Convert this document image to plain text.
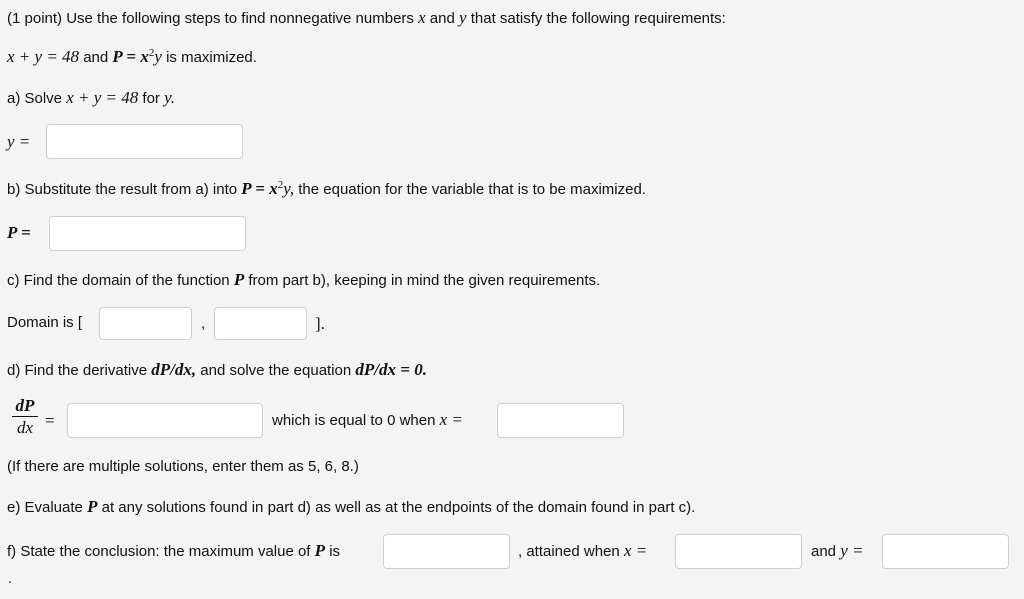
(1 point) Use the following steps to find nonnegative numbers x and y that satisfy the following requirements:
x + y = 48 and $P = x^2y$ is maximized.
a) Solve x + y = 48 for y.
y =
b) Substitute the result from a) into $P = x^2y$, the equation for the variable that is to be maximized.
P =
c) Find the domain of the function P from part b), keeping in mind the given requirements.
Domain is [	,	].
d) Find the derivative dP/dx, and solve the equation dP/dx = 0.
dP
dx =	which is equal to 0 when x =
(If there are multiple solutions, enter them as 5, 6, 8.)
e) Evaluate P at any solutions found in part d) as well as at the endpoints of the domain found in part c).
f) State the conclusion: the maximum value of P is	, attained when x =	and y =
.
